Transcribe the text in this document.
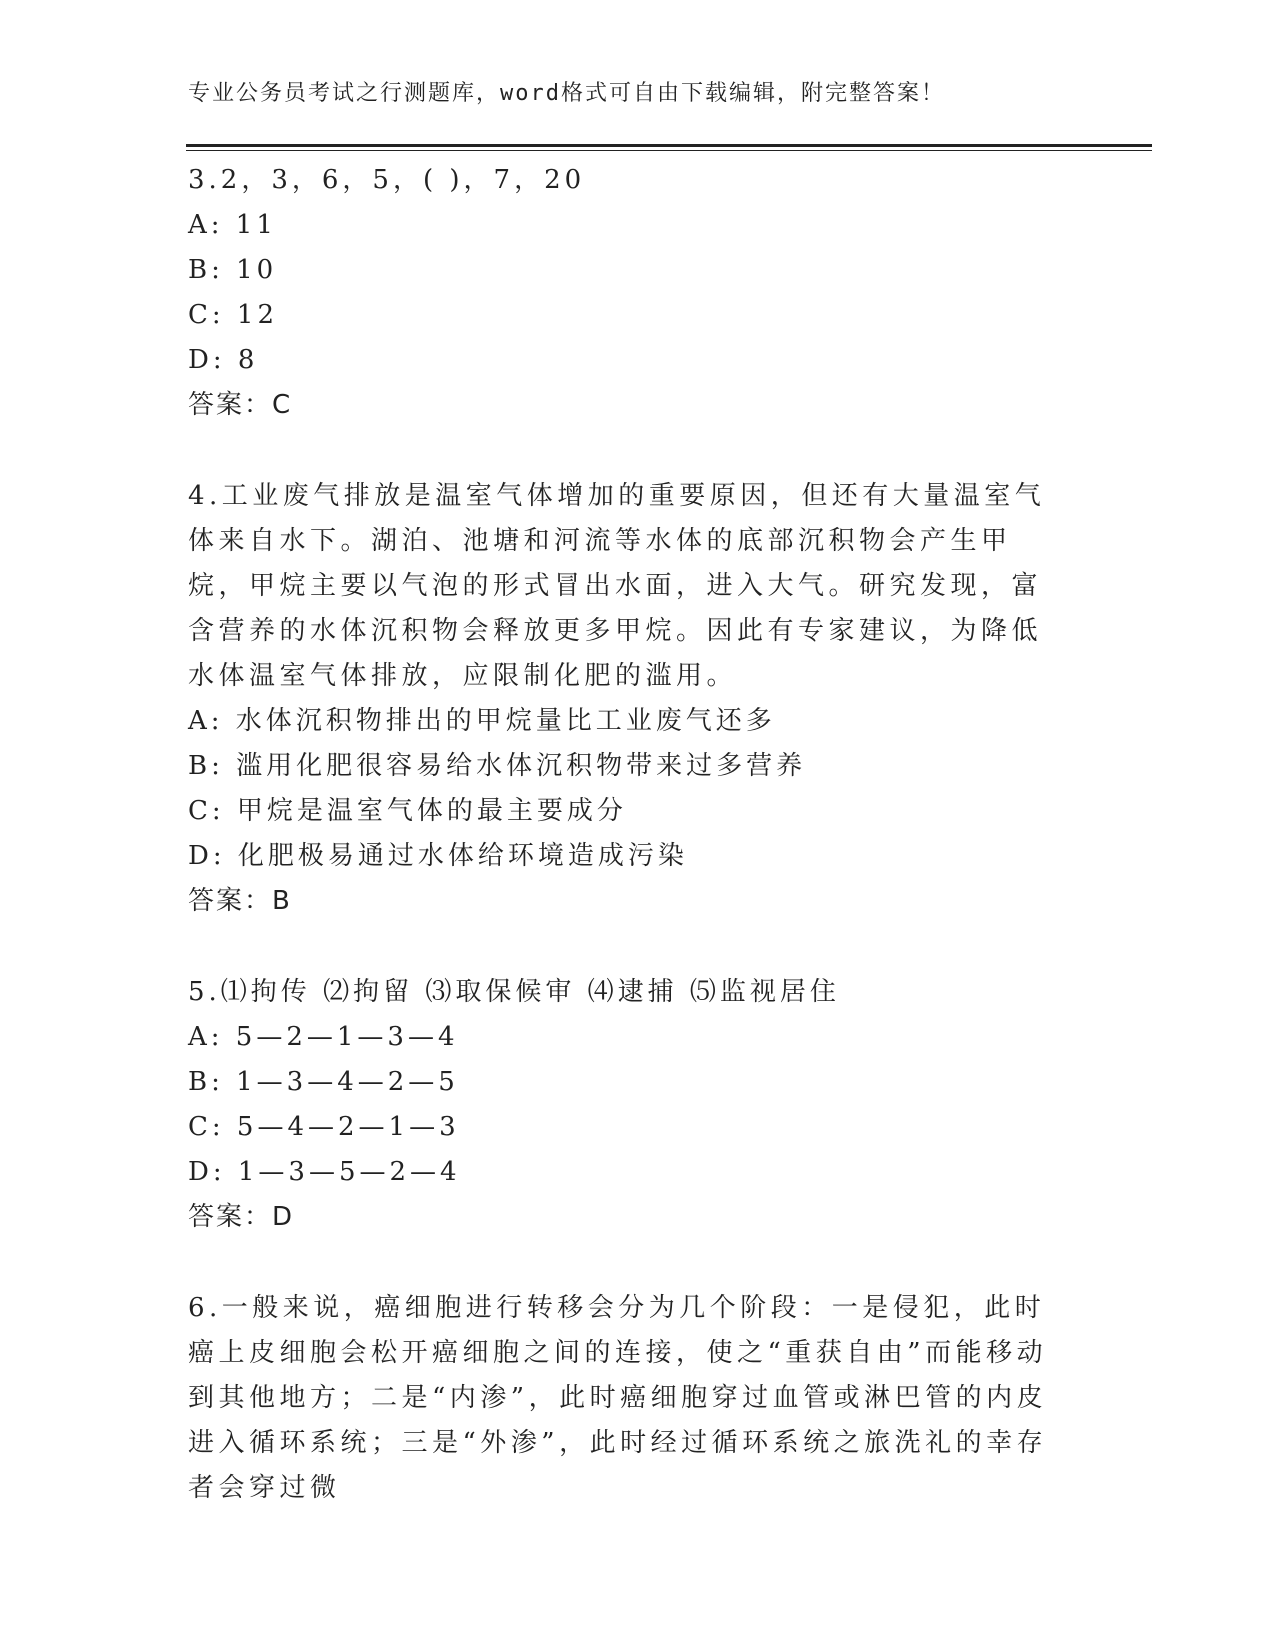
专业公务员考试之行测题库，word格式可自由下载编辑，附完整答案！
3.2，3，6，5，( )，7，20
A: 11
B: 10
C: 12
D: 8
答案：C
4.工业废气排放是温室气体增加的重要原因，但还有大量温室气体来自水下。湖泊、池塘和河流等水体的底部沉积物会产生甲烷，甲烷主要以气泡的形式冒出水面，进入大气。研究发现，富含营养的水体沉积物会释放更多甲烷。因此有专家建议，为降低水体温室气体排放，应限制化肥的滥用。
A: 水体沉积物排出的甲烷量比工业废气还多
B: 滥用化肥很容易给水体沉积物带来过多营养
C: 甲烷是温室气体的最主要成分
D: 化肥极易通过水体给环境造成污染
答案：B
5.⑴拘传 ⑵拘留 ⑶取保候审 ⑷逮捕 ⑸监视居住
A: 5—2—1—3—4
B: 1—3—4—2—5
C: 5—4—2—1—3
D: 1—3—5—2—4
答案：D
6.一般来说，癌细胞进行转移会分为几个阶段：一是侵犯，此时癌上皮细胞会松开癌细胞之间的连接，使之“重获自由”而能移动到其他地方；二是“内渗”，此时癌细胞穿过血管或淋巴管的内皮进入循环系统；三是“外渗”，此时经过循环系统之旅洗礼的幸存者会穿过微
